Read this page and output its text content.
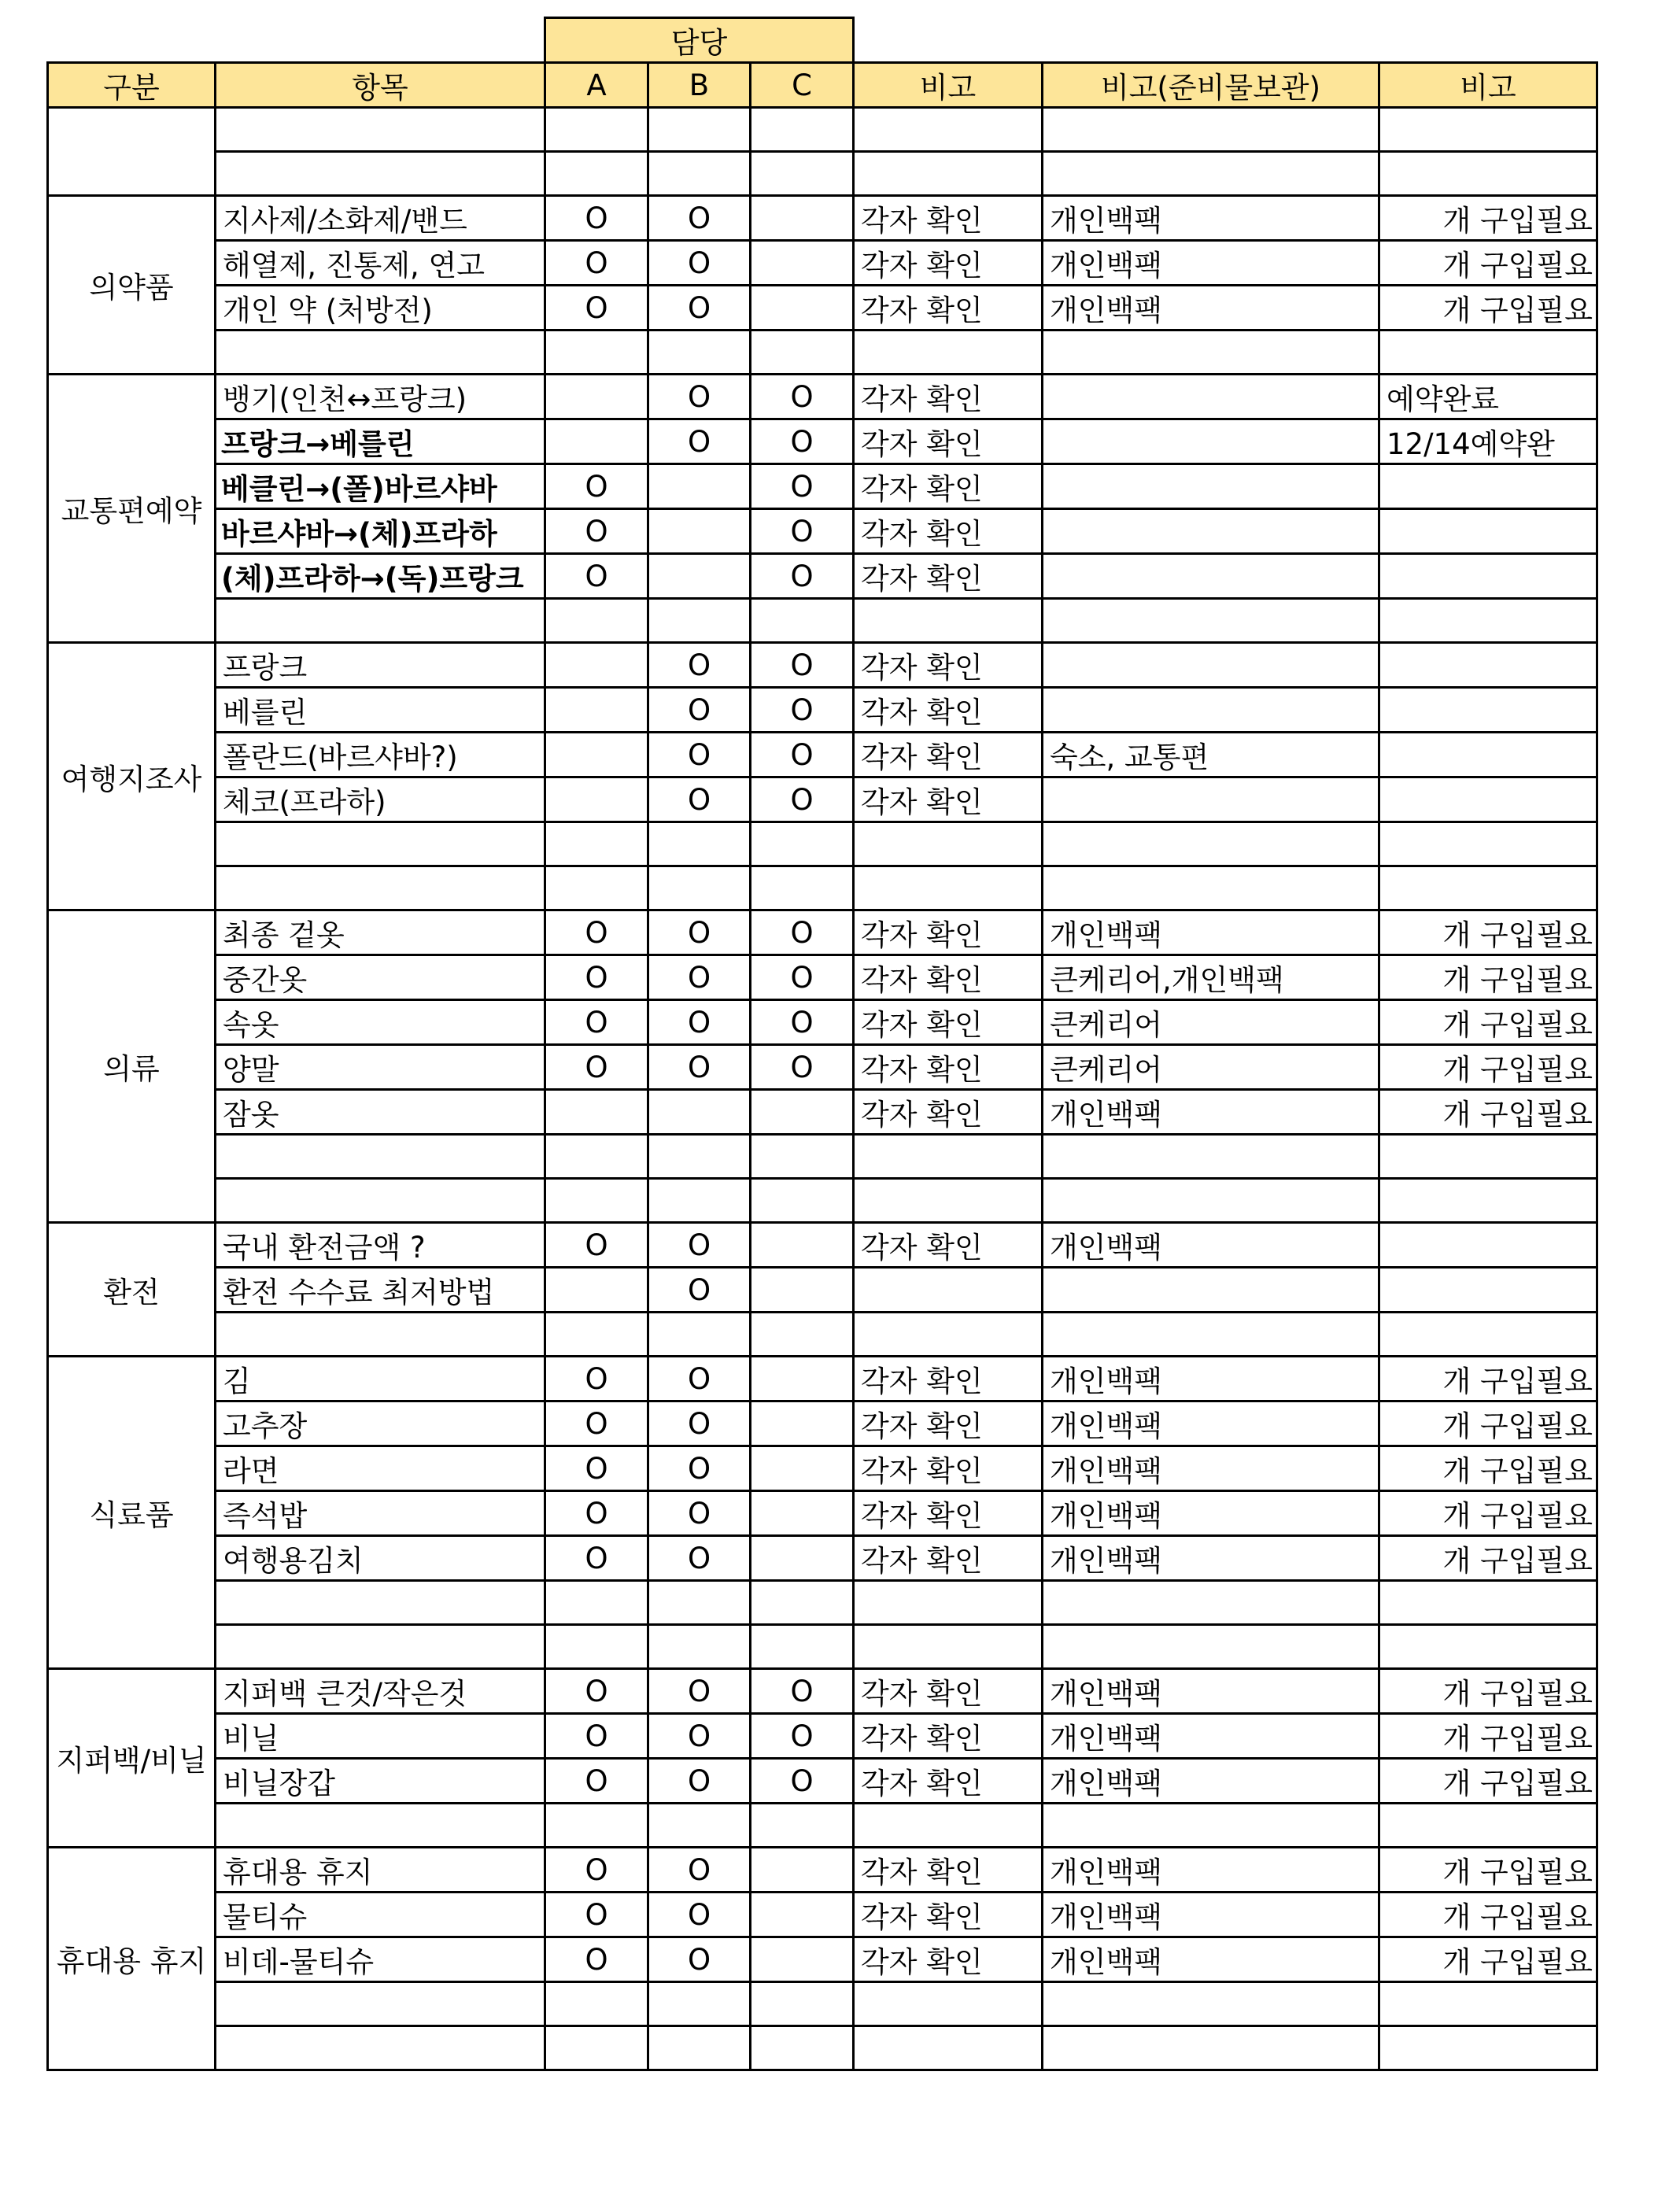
		담당					
구분	항목	A	B	C	비고	비고(준비물보관)	비고

의약품	지사제/소화제/밴드	O	O		각자 확인	개인백팩	개 구입필요
	해열제, 진통제, 연고	O	O		각자 확인	개인백팩	개 구입필요
	개인 약 (처방전)	O	O		각자 확인	개인백팩	개 구입필요

교통편예약	뱅기(인천↔프랑크)		O	O	각자 확인		예약완료
	프랑크→베를린		O	O	각자 확인		12/14예약완
	베클린→(폴)바르샤바	O		O	각자 확인		
	바르샤바→(체)프라하	O		O	각자 확인		
	(체)프라하→(독)프랑크	O		O	각자 확인		

여행지조사	프랑크		O	O	각자 확인		
	베를린		O	O	각자 확인		
	폴란드(바르샤바?)		O	O	각자 확인	숙소, 교통편	
	체코(프라하)		O	O	각자 확인		

의류	최종 겉옷	O	O	O	각자 확인	개인백팩	개 구입필요
	중간옷	O	O	O	각자 확인	큰케리어,개인백팩	개 구입필요
	속옷	O	O	O	각자 확인	큰케리어	개 구입필요
	양말	O	O	O	각자 확인	큰케리어	개 구입필요
	잠옷				각자 확인	개인백팩	개 구입필요

환전	국내 환전금액 ?	O	O		각자 확인	개인백팩	
	환전 수수료 최저방법		O				

식료품	김	O	O		각자 확인	개인백팩	개 구입필요
	고추장	O	O		각자 확인	개인백팩	개 구입필요
	라면	O	O		각자 확인	개인백팩	개 구입필요
	즉석밥	O	O		각자 확인	개인백팩	개 구입필요
	여행용김치	O	O		각자 확인	개인백팩	개 구입필요

지퍼백/비닐	지퍼백 큰것/작은것	O	O	O	각자 확인	개인백팩	개 구입필요
	비닐	O	O	O	각자 확인	개인백팩	개 구입필요
	비닐장갑	O	O	O	각자 확인	개인백팩	개 구입필요

휴대용 휴지	휴대용 휴지	O	O		각자 확인	개인백팩	개 구입필요
	물티슈	O	O		각자 확인	개인백팩	개 구입필요
	비데-물티슈	O	O		각자 확인	개인백팩	개 구입필요
